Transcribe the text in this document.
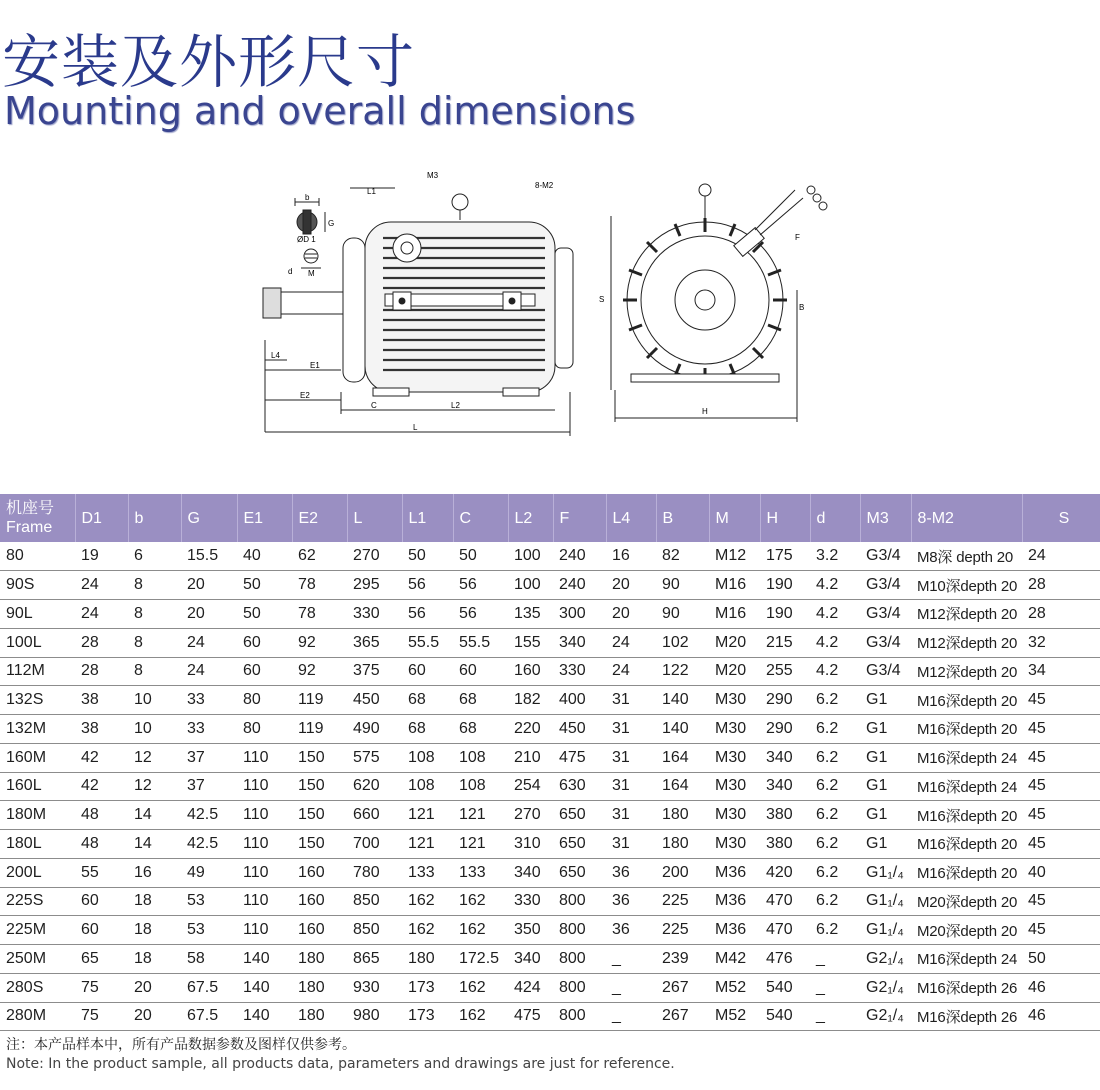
安装及外形尺寸
Mounting and overall dimensions
b
G
ØD 1
M
d
L1
M3
8-M2
L4
E1
E2
C	L2
L
H
S
F
B
机座号
Frame	D1	b	G	E1	E2	L	L1	C	L2	F	L4	B	M	H	d	M3	8-M2	S
80	19	6	15.5	40	62	270	50	50	100	240	16	82	M12	175	3.2	G3/4	M8深 depth 20	24
90S	24	8	20	50	78	295	56	56	100	240	20	90	M16	190	4.2	G3/4	M10深depth 20	28
90L	24	8	20	50	78	330	56	56	135	300	20	90	M16	190	4.2	G3/4	M12深depth 20	28
100L	28	8	24	60	92	365	55.5	55.5	155	340	24	102	M20	215	4.2	G3/4	M12深depth 20	32
112M	28	8	24	60	92	375	60	60	160	330	24	122	M20	255	4.2	G3/4	M12深depth 20	34
132S	38	10	33	80	119	450	68	68	182	400	31	140	M30	290	6.2	G1	M16深depth 20	45
132M	38	10	33	80	119	490	68	68	220	450	31	140	M30	290	6.2	G1	M16深depth 20	45
160M	42	12	37	110	150	575	108	108	210	475	31	164	M30	340	6.2	G1	M16深depth 24	45
160L	42	12	37	110	150	620	108	108	254	630	31	164	M30	340	6.2	G1	M16深depth 24	45
180M	48	14	42.5	110	150	660	121	121	270	650	31	180	M30	380	6.2	G1	M16深depth 20	45
180L	48	14	42.5	110	150	700	121	121	310	650	31	180	M30	380	6.2	G1	M16深depth 20	45
200L	55	16	49	110	160	780	133	133	340	650	36	200	M36	420	6.2	G1₁/₄	M16深depth 20	40
225S	60	18	53	110	160	850	162	162	330	800	36	225	M36	470	6.2	G1₁/₄	M20深depth 20	45
225M	60	18	53	110	160	850	162	162	350	800	36	225	M36	470	6.2	G1₁/₄	M20深depth 20	45
250M	65	18	58	140	180	865	180	172.5	340	800	_	239	M42	476	_	G2₁/₄	M16深depth 24	50
280S	75	20	67.5	140	180	930	173	162	424	800	_	267	M52	540	_	G2₁/₄	M16深depth 26	46
280M	75	20	67.5	140	180	980	173	162	475	800	_	267	M52	540	_	G2₁/₄	M16深depth 26	46
注：本产品样本中，所有产品数据参数及图样仅供参考。
Note: In the product sample, all products data, parameters and drawings are just for reference.
